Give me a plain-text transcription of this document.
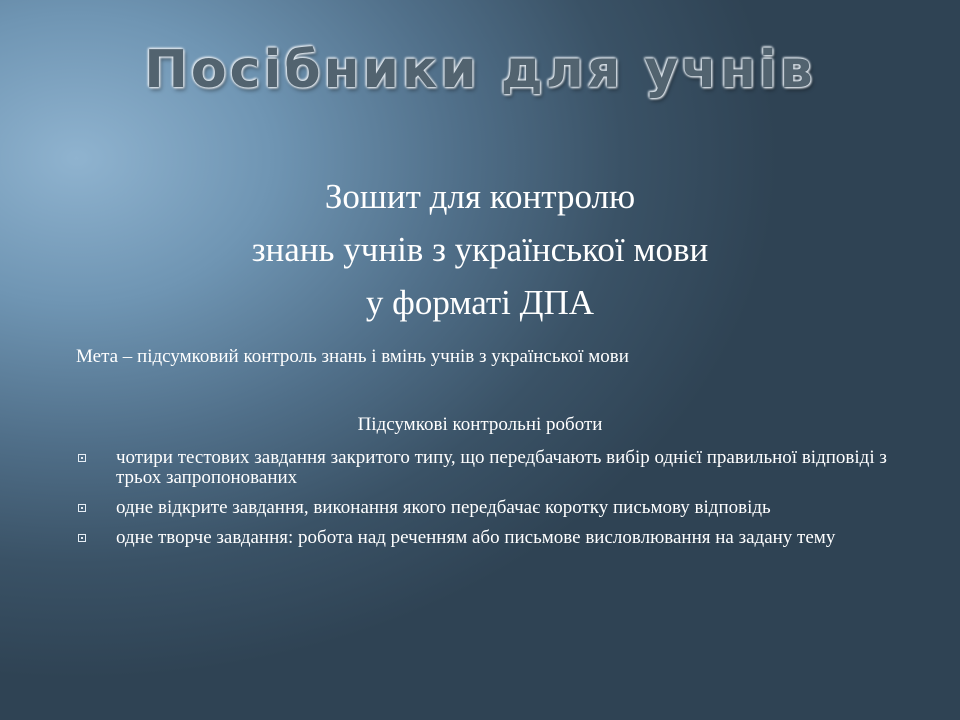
Посібники для учнів
Зошит для контролю
знань учнів з української мови
у форматі ДПА
Мета – підсумковий контроль знань і вмінь учнів з української мови
Підсумкові контрольні роботи
чотири тестових завдання закритого типу, що передбачають вибір однієї правильної відповіді з трьох запропонованих
одне відкрите завдання, виконання якого передбачає коротку письмову відповідь
одне творче завдання: робота над реченням або письмове висловлювання на задану тему
